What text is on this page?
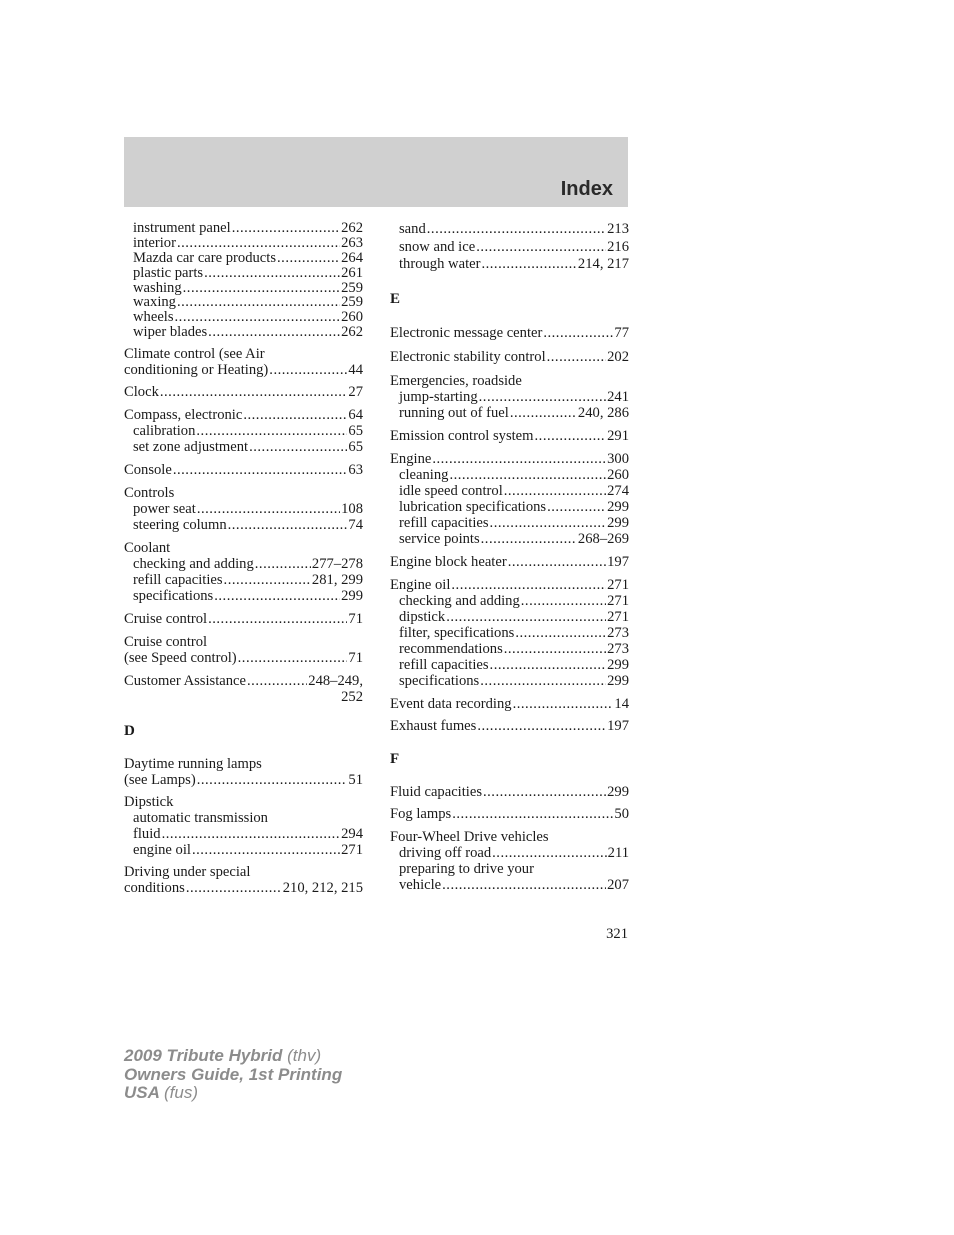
Index
instrument panel .....	262
interior .....	263
Mazda car care products .....	264
plastic parts .....	261
washing .....	259
waxing .....	259
wheels .....	260
wiper blades .....	262
Climate control (see Air
conditioning or Heating) .....	44
Clock .....	27
Compass, electronic .....	64
calibration .....	65
set zone adjustment .....	65
Console .....	63
Controls
power seat .....	108
steering column .....	74
Coolant
checking and adding .....	277–278
refill capacities .....	281, 299
specifications .....	299
Cruise control .....	71
Cruise control
(see Speed control) .....	71
Customer Assistance .....	248–249,
252
D
Daytime running lamps
(see Lamps) .....	51
Dipstick
automatic transmission
fluid .....	294
engine oil .....	271
Driving under special
conditions .....	210, 212, 215
sand .....	213
snow and ice .....	216
through water .....	214, 217
E
Electronic message center .....	77
Electronic stability control .....	202
Emergencies, roadside
jump-starting .....	241
running out of fuel .....	240, 286
Emission control system .....	291
Engine .....	300
cleaning .....	260
idle speed control .....	274
lubrication specifications .....	299
refill capacities .....	299
service points .....	268–269
Engine block heater .....	197
Engine oil .....	271
checking and adding .....	271
dipstick .....	271
filter, specifications .....	273
recommendations .....	273
refill capacities .....	299
specifications .....	299
Event data recording .....	14
Exhaust fumes .....	197
F
Fluid capacities .....	299
Fog lamps .....	50
Four-Wheel Drive vehicles
driving off road .....	211
preparing to drive your
vehicle .....	207
321
2009 Tribute Hybrid (thv)
Owners Guide, 1st Printing
USA (fus)
